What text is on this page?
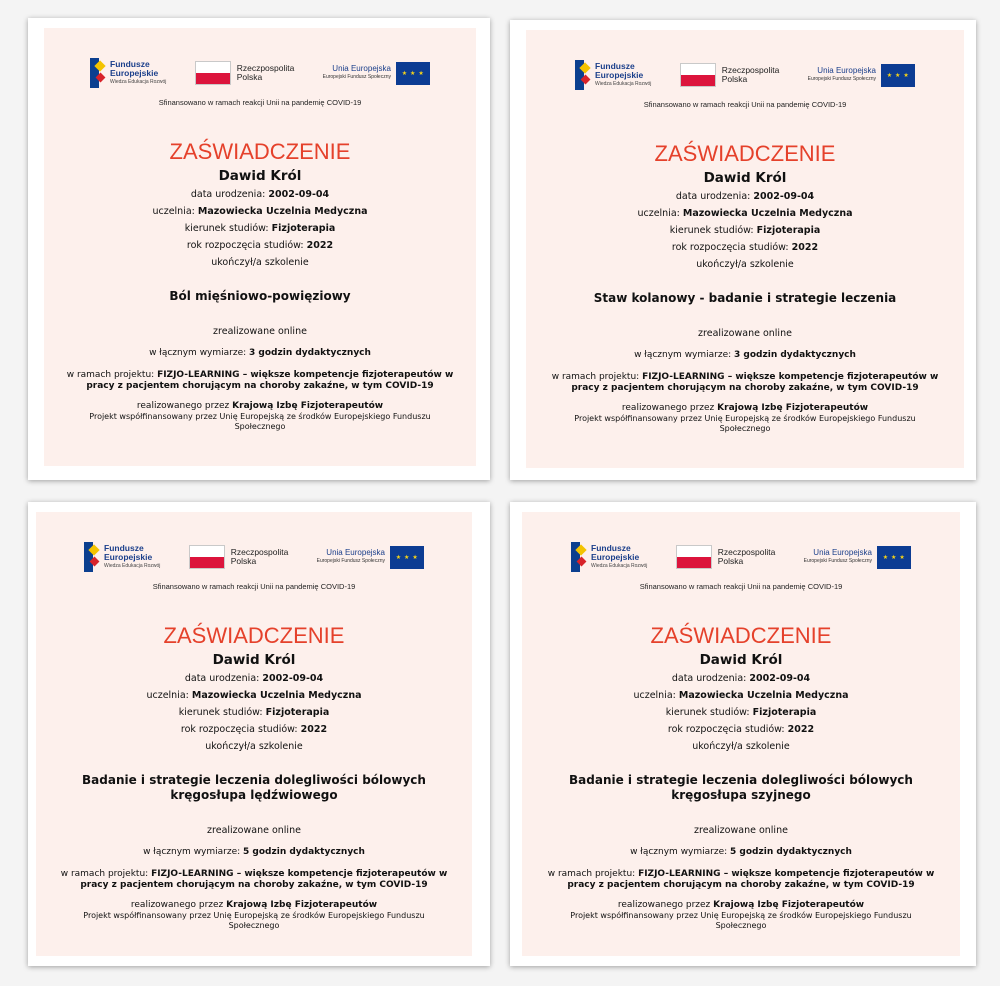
Fundusze
Europejskie
Wiedza Edukacja Rozwój
Rzeczpospolita
Polska
Unia Europejska
Europejski Fundusz Społeczny
★ ★ ★
Sfinansowano w ramach reakcji Unii na pandemię COVID-19
ZAŚWIADCZENIE
Dawid Król
data urodzenia: 2002-09-04
uczelnia: Mazowiecka Uczelnia Medyczna
kierunek studiów: Fizjoterapia
rok rozpoczęcia studiów: 2022
ukończył/a szkolenie
Ból mięśniowo-powięziowy
zrealizowane online
w łącznym wymiarze: 3 godzin dydaktycznych
w ramach projektu: FIZJO-LEARNING – większe kompetencje fizjoterapeutów w pracy z pacjentem chorującym na choroby zakaźne, w tym COVID-19
realizowanego przez Krajową Izbę Fizjoterapeutów
Projekt współfinansowany przez Unię Europejską ze środków Europejskiego Funduszu Społecznego
Fundusze
Europejskie
Wiedza Edukacja Rozwój
Rzeczpospolita
Polska
Unia Europejska
Europejski Fundusz Społeczny
★ ★ ★
Sfinansowano w ramach reakcji Unii na pandemię COVID-19
ZAŚWIADCZENIE
Dawid Król
data urodzenia: 2002-09-04
uczelnia: Mazowiecka Uczelnia Medyczna
kierunek studiów: Fizjoterapia
rok rozpoczęcia studiów: 2022
ukończył/a szkolenie
Staw kolanowy - badanie i strategie leczenia
zrealizowane online
w łącznym wymiarze: 3 godzin dydaktycznych
w ramach projektu: FIZJO-LEARNING – większe kompetencje fizjoterapeutów w pracy z pacjentem chorującym na choroby zakaźne, w tym COVID-19
realizowanego przez Krajową Izbę Fizjoterapeutów
Projekt współfinansowany przez Unię Europejską ze środków Europejskiego Funduszu Społecznego
Fundusze
Europejskie
Wiedza Edukacja Rozwój
Rzeczpospolita
Polska
Unia Europejska
Europejski Fundusz Społeczny
★ ★ ★
Sfinansowano w ramach reakcji Unii na pandemię COVID-19
ZAŚWIADCZENIE
Dawid Król
data urodzenia: 2002-09-04
uczelnia: Mazowiecka Uczelnia Medyczna
kierunek studiów: Fizjoterapia
rok rozpoczęcia studiów: 2022
ukończył/a szkolenie
Badanie i strategie leczenia dolegliwości bólowych kręgosłupa lędźwiowego
zrealizowane online
w łącznym wymiarze: 5 godzin dydaktycznych
w ramach projektu: FIZJO-LEARNING – większe kompetencje fizjoterapeutów w pracy z pacjentem chorującym na choroby zakaźne, w tym COVID-19
realizowanego przez Krajową Izbę Fizjoterapeutów
Projekt współfinansowany przez Unię Europejską ze środków Europejskiego Funduszu Społecznego
Fundusze
Europejskie
Wiedza Edukacja Rozwój
Rzeczpospolita
Polska
Unia Europejska
Europejski Fundusz Społeczny
★ ★ ★
Sfinansowano w ramach reakcji Unii na pandemię COVID-19
ZAŚWIADCZENIE
Dawid Król
data urodzenia: 2002-09-04
uczelnia: Mazowiecka Uczelnia Medyczna
kierunek studiów: Fizjoterapia
rok rozpoczęcia studiów: 2022
ukończył/a szkolenie
Badanie i strategie leczenia dolegliwości bólowych kręgosłupa szyjnego
zrealizowane online
w łącznym wymiarze: 5 godzin dydaktycznych
w ramach projektu: FIZJO-LEARNING – większe kompetencje fizjoterapeutów w pracy z pacjentem chorującym na choroby zakaźne, w tym COVID-19
realizowanego przez Krajową Izbę Fizjoterapeutów
Projekt współfinansowany przez Unię Europejską ze środków Europejskiego Funduszu Społecznego
